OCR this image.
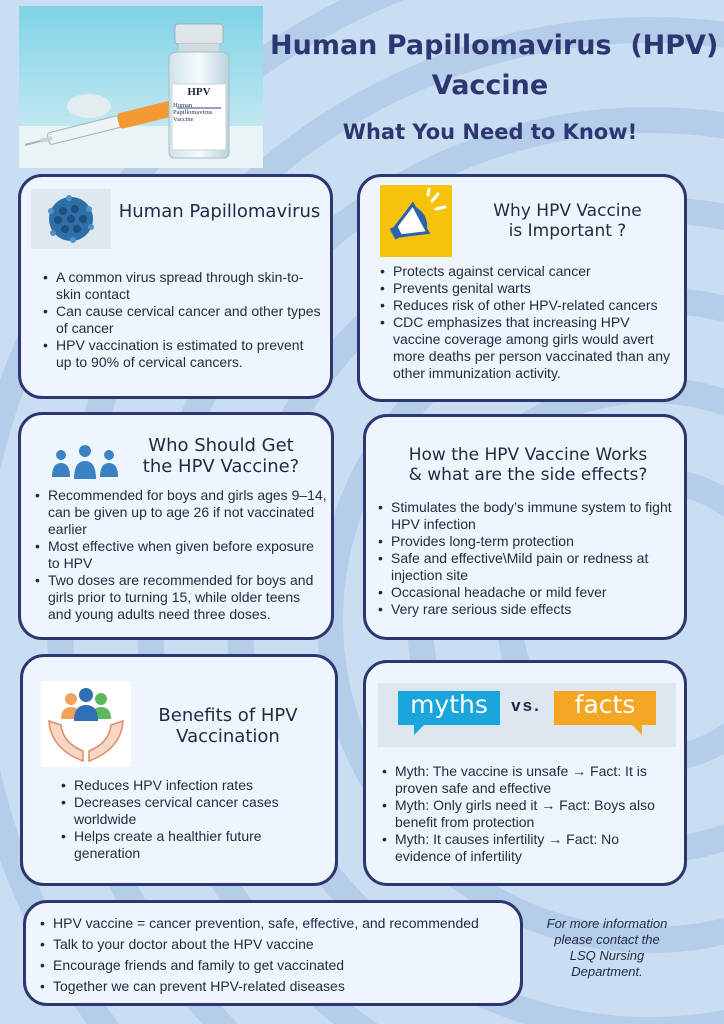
HPV
Human
Papillomavirus
Vaccine
Human Papillomavirus  (HPV)
Vaccine
What You Need to Know!
Human Papillomavirus
• A common virus spread through skin-to-skin contact
• Can cause cervical cancer and other types of cancer
• HPV vaccination is estimated to prevent up to 90% of cervical cancers.
Why HPV Vaccine
is Important ?
• Protects against cervical cancer
• Prevents genital warts
• Reduces risk of other HPV-related cancers
• CDC emphasizes that increasing HPV vaccine coverage among girls would avert more deaths per person vaccinated than any other immunization activity.
Who Should Get
the HPV Vaccine?
• Recommended for boys and girls ages 9–14, can be given up to age 26 if not vaccinated earlier
• Most effective when given before exposure to HPV
• Two doses are recommended for boys and girls prior to turning 15, while older teens and young adults need three doses.
How the HPV Vaccine Works
& what are the side effects?
• Stimulates the body’s immune system to fight HPV infection
• Provides long-term protection
• Safe and effective\Mild pain or redness at injection site
• Occasional headache or mild fever
• Very rare serious side effects
Benefits of HPV
Vaccination
• Reduces HPV infection rates
• Decreases cervical cancer cases worldwide
• Helps create a healthier future generation
myths	vs.	facts
• Myth: The vaccine is unsafe → Fact: It is proven safe and effective
• Myth: Only girls need it → Fact: Boys also benefit from protection
• Myth: It causes infertility → Fact: No evidence of infertility
• HPV vaccine = cancer prevention, safe, effective, and recommended
• Talk to your doctor about the HPV vaccine
• Encourage friends and family to get vaccinated
• Together we can prevent HPV-related diseases
For more information
please contact the
LSQ Nursing
Department.
